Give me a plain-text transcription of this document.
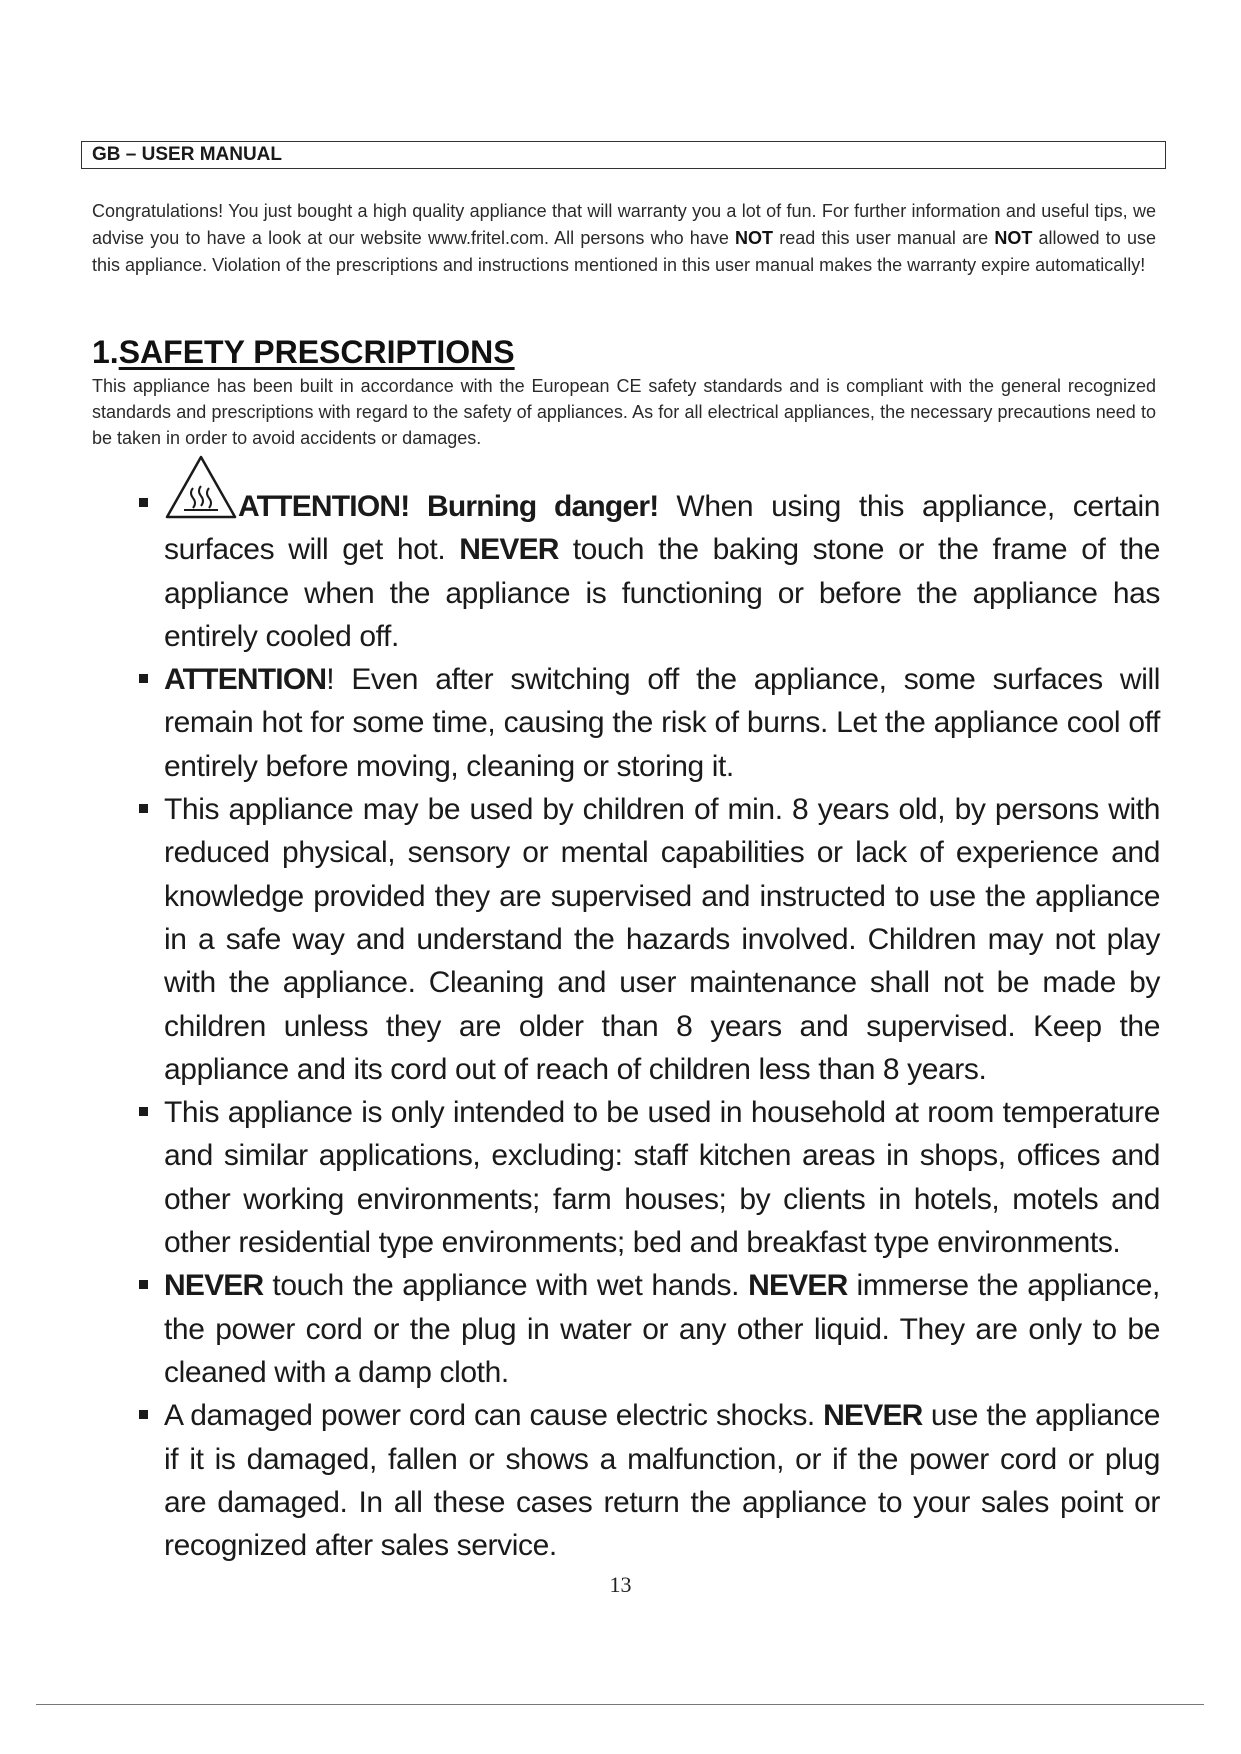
GB – USER MANUAL

Congratulations! You just bought a high quality appliance that will warranty you a lot of fun. For further information and useful tips, we advise you to have a look at our website www.fritel.com. All persons who have NOT read this user manual are NOT allowed to use this appliance. Violation of the prescriptions and instructions mentioned in this user manual makes the warranty expire automatically!

1.SAFETY PRESCRIPTIONS

This appliance has been built in accordance with the European CE safety standards and is compliant with the general recognized standards and prescriptions with regard to the safety of appliances. As for all electrical appliances, the necessary precautions need to be taken in order to avoid accidents or damages.

ATTENTION! Burning danger! When using this appliance, certain surfaces will get hot. NEVER touch the baking stone or the frame of the appliance when the appliance is functioning or before the appliance has entirely cooled off.
ATTENTION! Even after switching off the appliance, some surfaces will remain hot for some time, causing the risk of burns. Let the appliance cool off entirely before moving, cleaning or storing it.
This appliance may be used by children of min. 8 years old, by persons with reduced physical, sensory or mental capabilities or lack of experience and knowledge provided they are supervised and instructed to use the appliance in a safe way and understand the hazards involved. Children may not play with the appliance. Cleaning and user maintenance shall not be made by children unless they are older than 8 years and supervised. Keep the appliance and its cord out of reach of children less than 8 years.
This appliance is only intended to be used in household at room temperature and similar applications, excluding: staff kitchen areas in shops, offices and other working environments; farm houses; by clients in hotels, motels and other residential type environments; bed and breakfast type environments.
NEVER touch the appliance with wet hands. NEVER immerse the appliance, the power cord or the plug in water or any other liquid. They are only to be cleaned with a damp cloth.
A damaged power cord can cause electric shocks. NEVER use the appliance if it is damaged, fallen or shows a malfunction, or if the power cord or plug are damaged. In all these cases return the appliance to your sales point or recognized after sales service.
13
